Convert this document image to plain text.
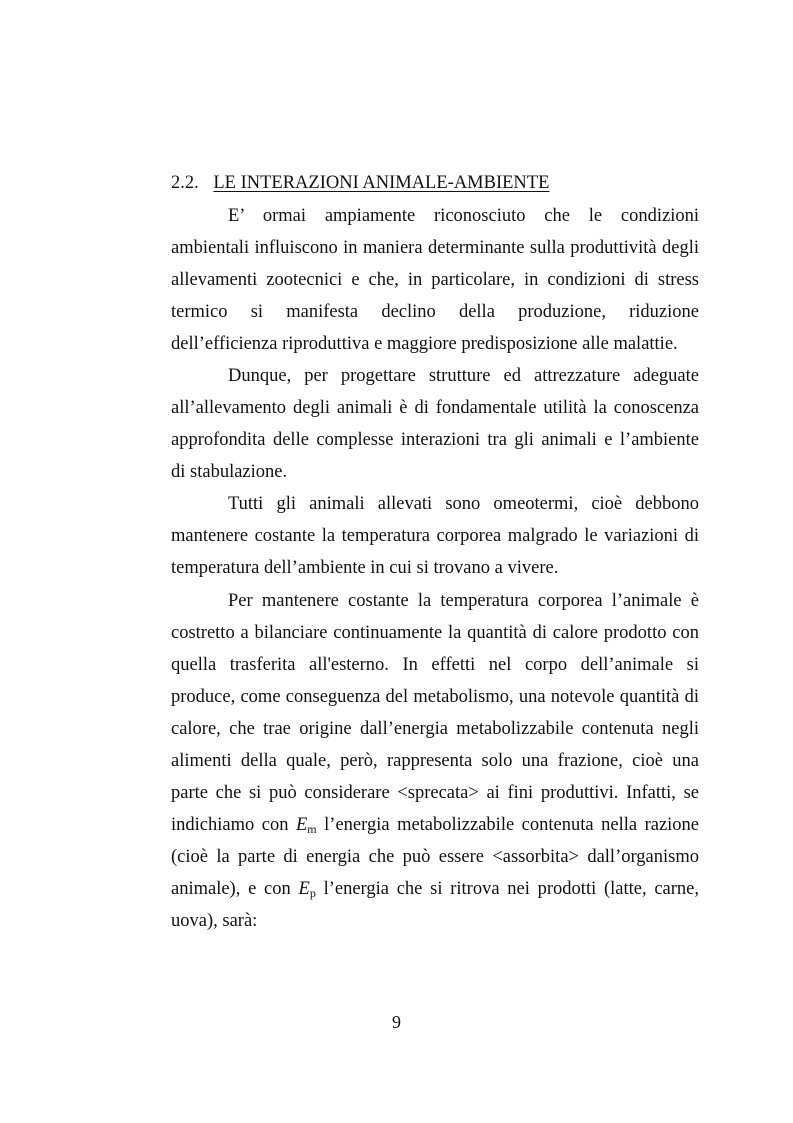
2.2. LE INTERAZIONI ANIMALE-AMBIENTE
E’ ormai ampiamente riconosciuto che le condizioni
ambientali influiscono in maniera determinante sulla produttività degli
allevamenti zootecnici e che, in particolare, in condizioni di stress
termico si manifesta declino della produzione, riduzione
dell’efficienza riproduttiva e maggiore predisposizione alle malattie.
Dunque, per progettare strutture ed attrezzature adeguate
all’allevamento degli animali è di fondamentale utilità la conoscenza
approfondita delle complesse interazioni tra gli animali e l’ambiente
di stabulazione.
Tutti gli animali allevati sono omeotermi, cioè debbono
mantenere costante la temperatura corporea malgrado le variazioni di
temperatura dell’ambiente in cui si trovano a vivere.
Per mantenere costante la temperatura corporea l’animale è
costretto a bilanciare continuamente la quantità di calore prodotto con
quella trasferita all'esterno. In effetti nel corpo dell’animale si
produce, come conseguenza del metabolismo, una notevole quantità di
calore, che trae origine dall’energia metabolizzabile contenuta negli
alimenti della quale, però, rappresenta solo una frazione, cioè una
parte che si può considerare <sprecata> ai fini produttivi. Infatti, se
indichiamo con $E_m$ l’energia metabolizzabile contenuta nella razione
(cioè la parte di energia che può essere <assorbita> dall’organismo
animale), e con $E_p$ l’energia che si ritrova nei prodotti (latte, carne,
uova), sarà:
9
